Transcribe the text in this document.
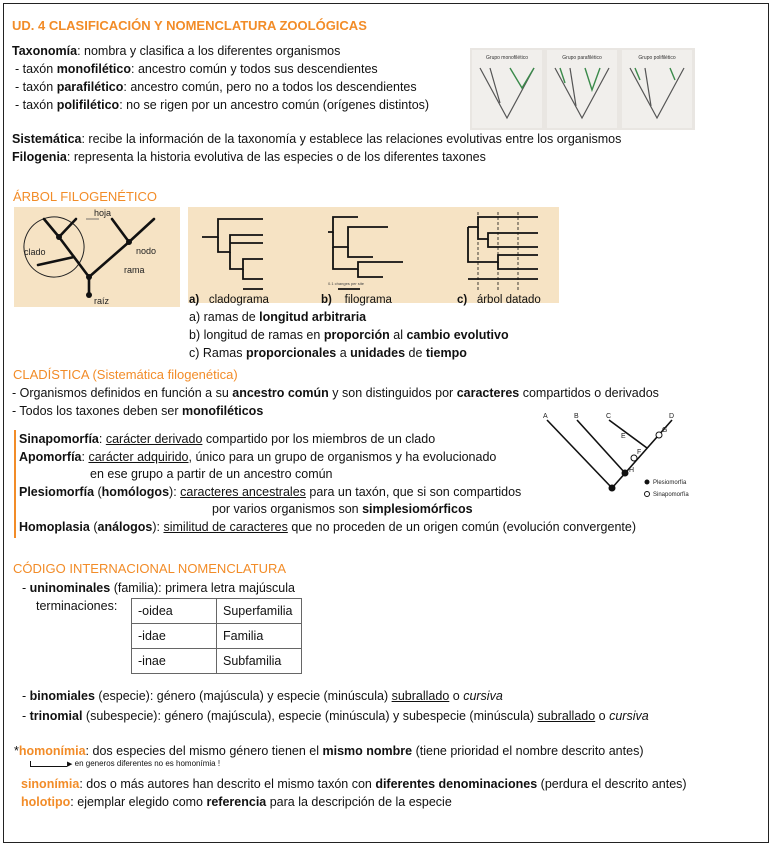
UD. 4 CLASIFICACIÓN Y NOMENCLATURA ZOOLÓGICAS
Taxonomía: nombra y clasifica a los diferentes organismos
- taxón monofilético: ancestro común y todos sus descendientes
- taxón parafilético: ancestro común, pero no a todos los descendientes
- taxón polifilético: no se rigen por un ancestro común (orígenes distintos)
Grupo monofilético	Grupo parafilético	Grupo polifilético
Sistemática: recibe la información de la taxonomía y establece las relaciones evolutivas entre los organismos
Filogenia: representa la historia evolutiva de las especies o de los diferentes taxones
ÁRBOL FILOGENÉTICO
hoja
clado	nodo
rama
raíz
0.1 changes per site
a) cladograma	b) filograma	c) árbol datado
a) ramas de longitud arbitraria
b) longitud de ramas en proporción al cambio evolutivo
c) Ramas proporcionales a unidades de tiempo
CLADÍSTICA (Sistemática filogenética)
- Organismos definidos en función a su ancestro común y son distinguidos por caracteres compartidos o derivados
- Todos los taxones deben ser monofiléticos
Sinapomorfía: carácter derivado compartido por los miembros de un clado
Apomorfía: carácter adquirido, único para un grupo de organismos y ha evolucionado
en ese grupo a partir de un ancestro común
Plesiomorfía (homólogos): caracteres ancestrales para un taxón, que si son compartidos
por varios organismos son simplesiomórficos
Homoplasia (análogos): similitud de caracteres que no proceden de un origen común (evolución convergente)
A	B	C	D
E
F
G
H
Plesiomorfía
Sinapomorfía
CÓDIGO INTERNACIONAL NOMENCLATURA
- uninominales (familia): primera letra majúscula
terminaciones: -oidea	Superfamilia
-idae	Familia
-inae	Subfamilia
- binomiales (especie): género (majúscula) y especie (minúscula) subrallado o cursiva
- trinomial (subespecie): género (majúscula), especie (minúscula) y subespecie (minúscula) subrallado o cursiva
*homonímia: dos especies del mismo género tienen el mismo nombre (tiene prioridad el nombre descrito antes)
▶ en generos diferentes no es homonímia !
sinonímia: dos o más autores han descrito el mismo taxón con diferentes denominaciones (perdura el descrito antes)
holotipo: ejemplar elegido como referencia para la descripción de la especie
